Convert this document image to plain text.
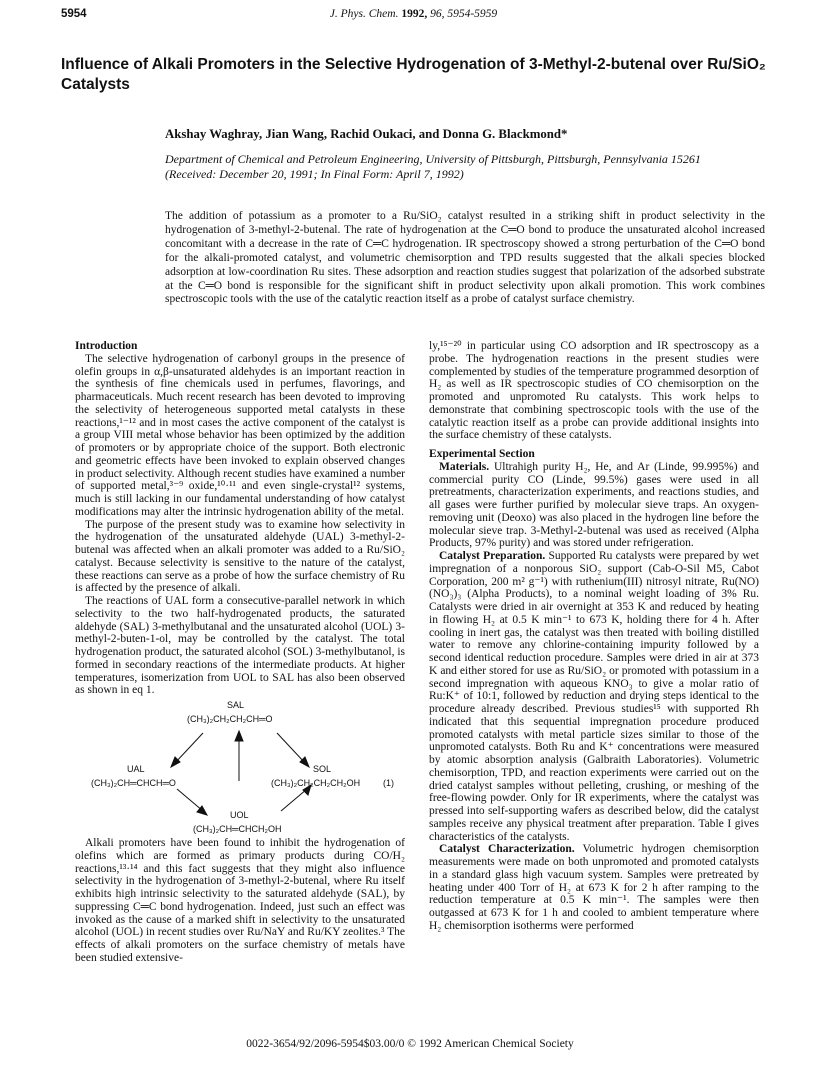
5954	J. Phys. Chem. 1992, 96, 5954-5959
Influence of Alkali Promoters in the Selective Hydrogenation of 3-Methyl-2-butenal over Ru/SiO₂ Catalysts
Akshay Waghray, Jian Wang, Rachid Oukaci, and Donna G. Blackmond*
Department of Chemical and Petroleum Engineering, University of Pittsburgh, Pittsburgh, Pennsylvania 15261
(Received: December 20, 1991; In Final Form: April 7, 1992)
The addition of potassium as a promoter to a Ru/SiO₂ catalyst resulted in a striking shift in product selectivity in the hydrogenation of 3-methyl-2-butenal. The rate of hydrogenation at the C═O bond to produce the unsaturated alcohol increased concomitant with a decrease in the rate of C═C hydrogenation. IR spectroscopy showed a strong perturbation of the C═O bond for the alkali-promoted catalyst, and volumetric chemisorption and TPD results suggested that the alkali species blocked adsorption at low-coordination Ru sites. These adsorption and reaction studies suggest that polarization of the adsorbed substrate at the C═O bond is responsible for the significant shift in product selectivity upon alkali promotion. This work combines spectroscopic tools with the use of the catalytic reaction itself as a probe of catalyst surface chemistry.
Introduction

The selective hydrogenation of carbonyl groups in the presence of olefin groups in α,β-unsaturated aldehydes is an important reaction in the synthesis of fine chemicals used in perfumes, flavorings, and pharmaceuticals. Much recent research has been devoted to improving the selectivity of heterogeneous supported metal catalysts in these reactions,¹⁻¹² and in most cases the active component of the catalyst is a group VIII metal whose behavior has been optimized by the addition of promoters or by appropriate choice of the support. Both electronic and geometric effects have been invoked to explain observed changes in product selectivity. Although recent studies have examined a number of supported metal,³⁻⁹ oxide,¹⁰·¹¹ and even single-crystal¹² systems, much is still lacking in our fundamental understanding of how catalyst modifications may alter the intrinsic hydrogenation ability of the metal.

The purpose of the present study was to examine how selectivity in the hydrogenation of the unsaturated aldehyde (UAL) 3-methyl-2-butenal was affected when an alkali promoter was added to a Ru/SiO₂ catalyst. Because selectivity is sensitive to the nature of the catalyst, these reactions can serve as a probe of how the surface chemistry of Ru is affected by the presence of alkali.

The reactions of UAL form a consecutive-parallel network in which selectivity to the two half-hydrogenated products, the saturated aldehyde (SAL) 3-methylbutanal and the unsaturated alcohol (UOL) 3-methyl-2-buten-1-ol, may be controlled by the catalyst. The total hydrogenation product, the saturated alcohol (SOL) 3-methylbutanol, is formed in secondary reactions of the intermediate products. At higher temperatures, isomerization from UOL to SAL has also been observed as shown in eq 1.

SAL
(CH₃)₂CH₂CH₂CH═O
UAL
(CH₃)₂CH═CHCH═O
SOL
(CH₃)₂CH₂CH₂CH₂OH	(1)
UOL
(CH₃)₂CH═CHCH₂OH

Alkali promoters have been found to inhibit the hydrogenation of olefins which are formed as primary products during CO/H₂ reactions,¹³·¹⁴ and this fact suggests that they might also influence selectivity in the hydrogenation of 3-methyl-2-butenal, where Ru itself exhibits high intrinsic selectivity to the saturated aldehyde (SAL), by suppressing C═C bond hydrogenation. Indeed, just such an effect was invoked as the cause of a marked shift in selectivity to the unsaturated alcohol (UOL) in recent studies over Ru/NaY and Ru/KY zeolites.³ The effects of alkali promoters on the surface chemistry of metals have been studied extensive-

ly,¹⁵⁻²⁰ in particular using CO adsorption and IR spectroscopy as a probe. The hydrogenation reactions in the present studies were complemented by studies of the temperature programmed desorption of H₂ as well as IR spectroscopic studies of CO chemisorption on the promoted and unpromoted Ru catalysts. This work helps to demonstrate that combining spectroscopic tools with the use of the catalytic reaction itself as a probe can provide additional insights into the surface chemistry of these catalysts.

Experimental Section

Materials. Ultrahigh purity H₂, He, and Ar (Linde, 99.995%) and commercial purity CO (Linde, 99.5%) gases were used in all pretreatments, characterization experiments, and reactions studies, and all gases were further purified by molecular sieve traps. An oxygen-removing unit (Deoxo) was also placed in the hydrogen line before the molecular sieve trap. 3-Methyl-2-butenal was used as received (Alpha Products, 97% purity) and was stored under refrigeration.

Catalyst Preparation. Supported Ru catalysts were prepared by wet impregnation of a nonporous SiO₂ support (Cab-O-Sil M5, Cabot Corporation, 200 m² g⁻¹) with ruthenium(III) nitrosyl nitrate, Ru(NO)(NO₃)₃ (Alpha Products), to a nominal weight loading of 3% Ru. Catalysts were dried in air overnight at 353 K and reduced by heating in flowing H₂ at 0.5 K min⁻¹ to 673 K, holding there for 4 h. After cooling in inert gas, the catalyst was then treated with boiling distilled water to remove any chlorine-containing impurity followed by a second identical reduction procedure. Samples were dried in air at 373 K and either stored for use as Ru/SiO₂ or promoted with potassium in a second impregnation with aqueous KNO₃ to give a molar ratio of Ru:K⁺ of 10:1, followed by reduction and drying steps identical to the procedure already described. Previous studies¹⁵ with supported Rh indicated that this sequential impregnation procedure produced promoted catalysts with metal particle sizes similar to those of the unpromoted catalysts. Both Ru and K⁺ concentrations were measured by atomic absorption analysis (Galbraith Laboratories). Volumetric chemisorption, TPD, and reaction experiments were carried out on the dried catalyst samples without pelleting, crushing, or meshing of the free-flowing powder. Only for IR experiments, where the catalyst was pressed into self-supporting wafers as described below, did the catalyst samples receive any physical treatment after preparation. Table I gives characteristics of the catalysts.

Catalyst Characterization. Volumetric hydrogen chemisorption measurements were made on both unpromoted and promoted catalysts in a standard glass high vacuum system. Samples were pretreated by heating under 400 Torr of H₂ at 673 K for 2 h after ramping to the reduction temperature at 0.5 K min⁻¹. The samples were then outgassed at 673 K for 1 h and cooled to ambient temperature where H₂ chemisorption isotherms were performed

0022-3654/92/2096-5954$03.00/0 © 1992 American Chemical Society
